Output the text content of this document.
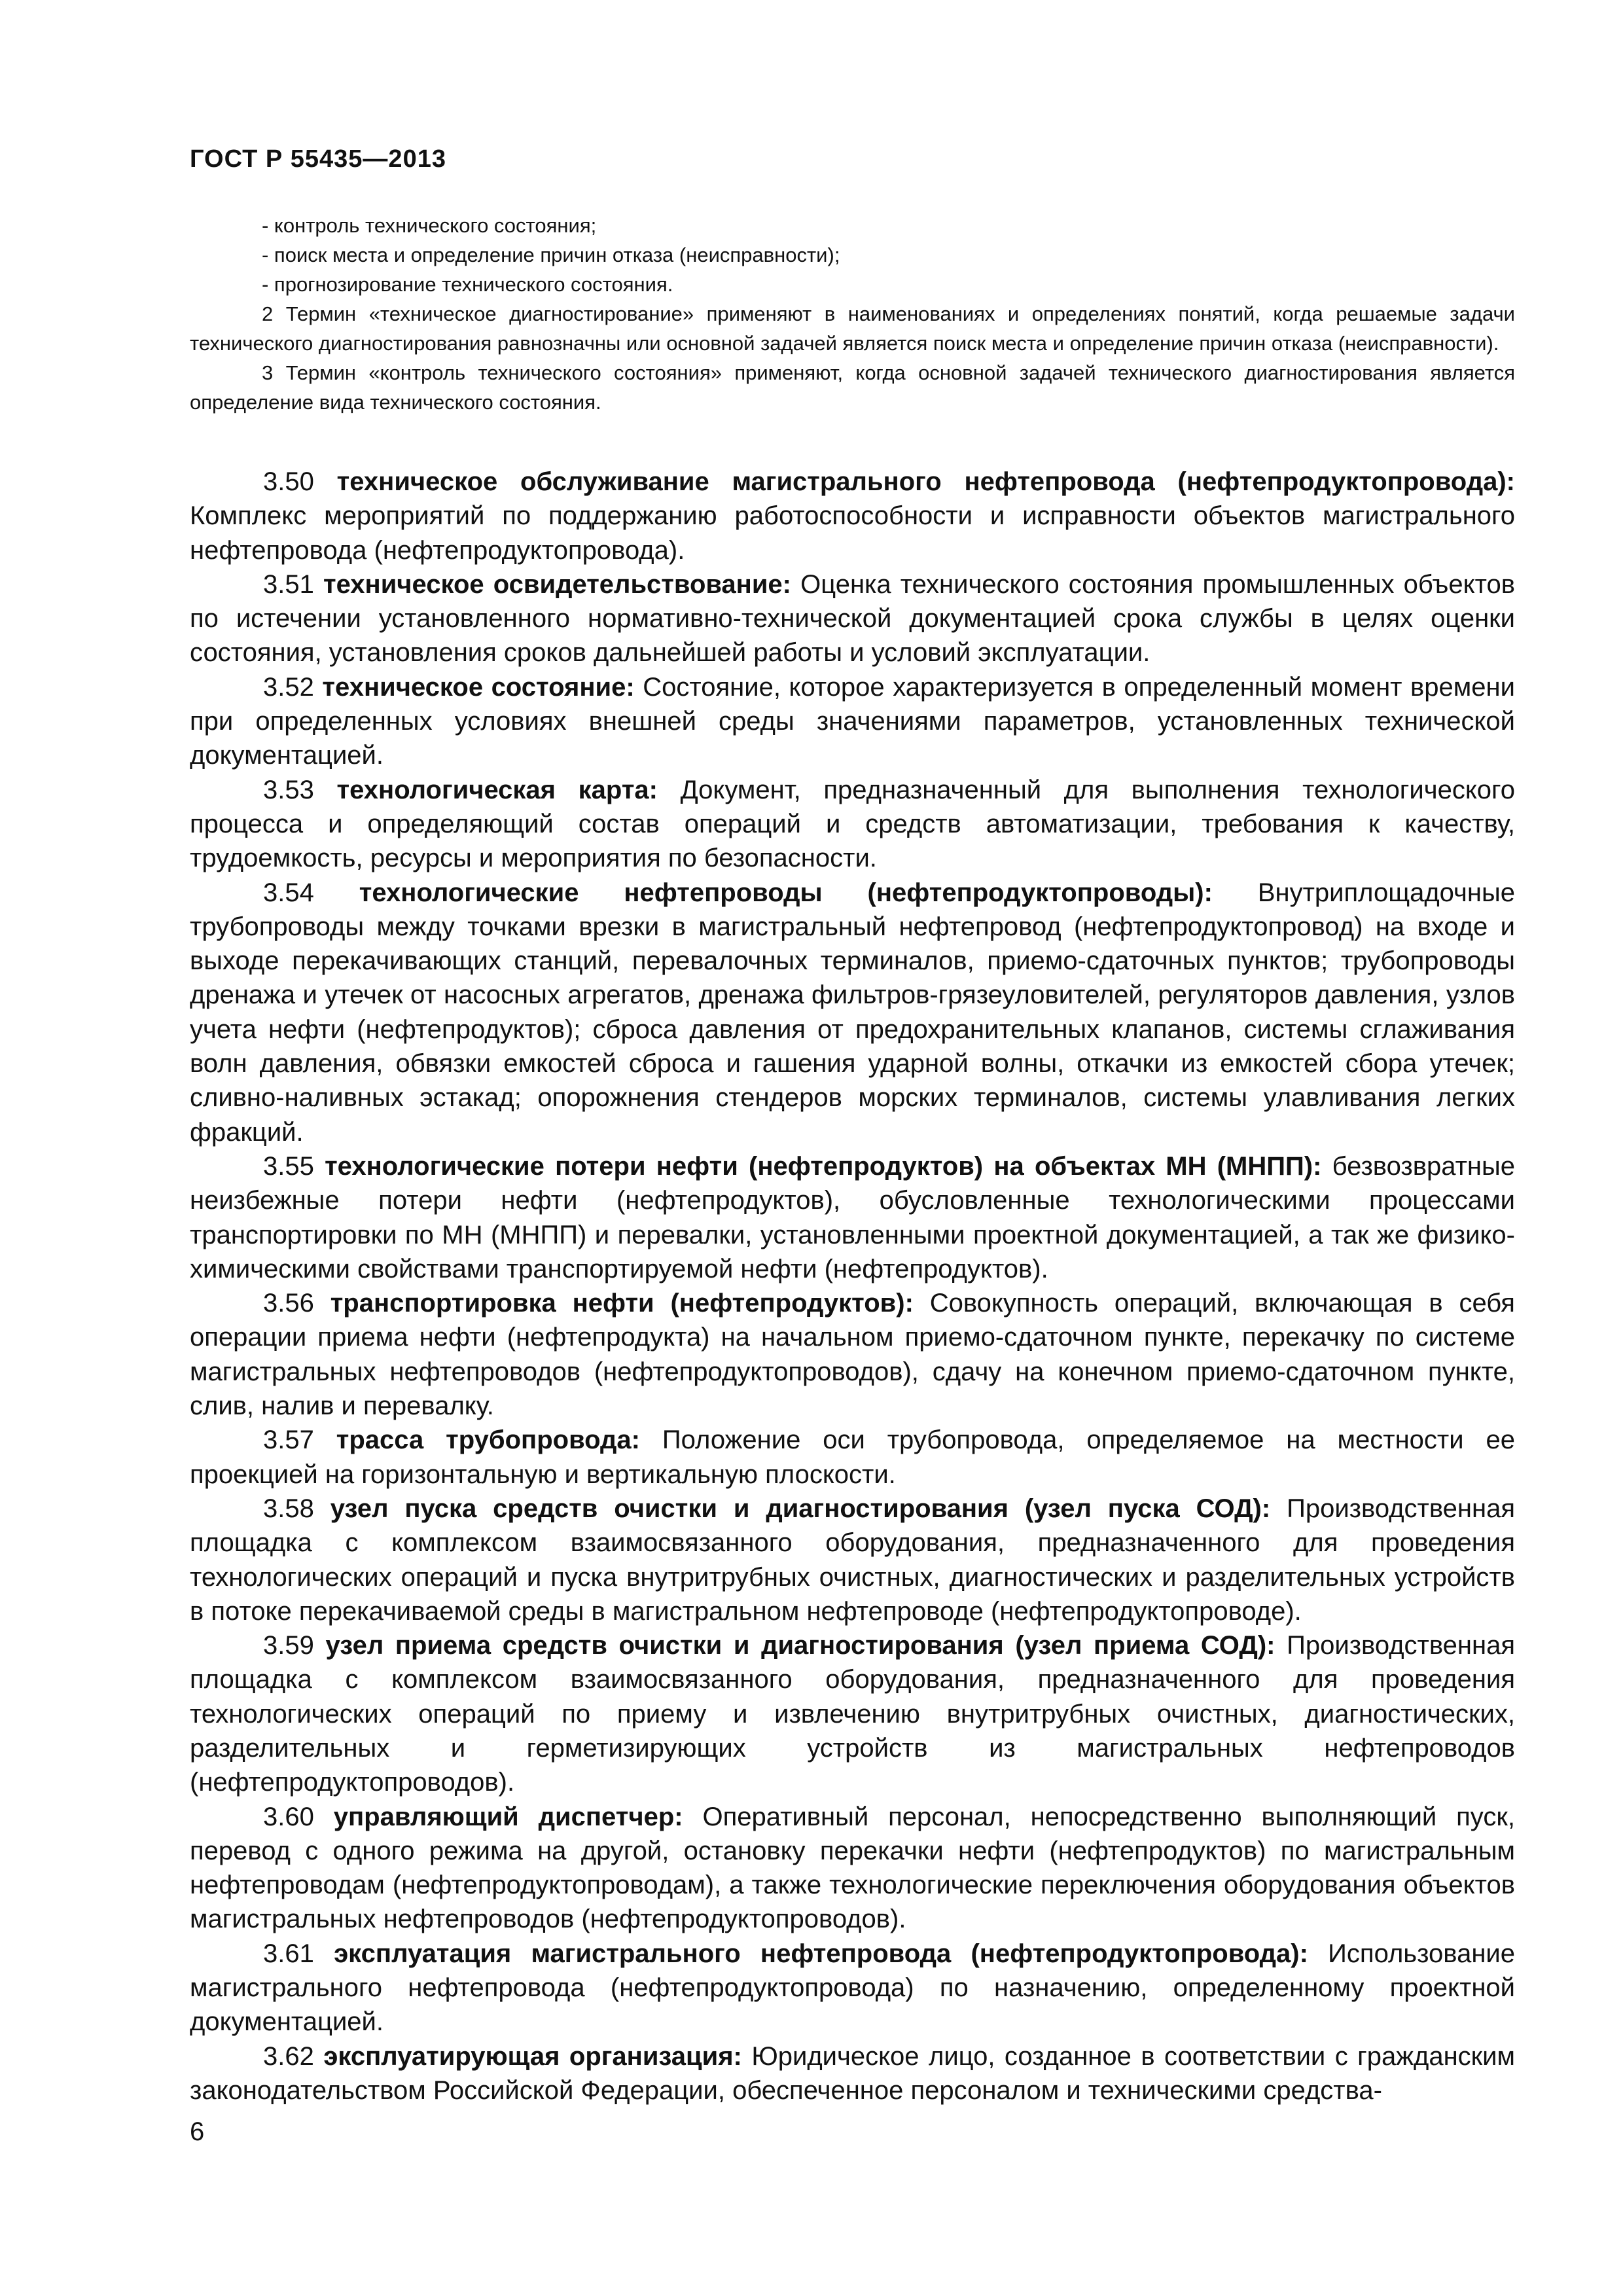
ГОСТ Р 55435—2013

- контроль технического состояния;

- поиск места и определение причин отказа (неисправности);

- прогнозирование технического состояния.

2 Термин «техническое диагностирование» применяют в наименованиях и определениях понятий, когда решаемые задачи технического диагностирования равнозначны или основной задачей является поиск места и определение причин отказа (неисправности).

3 Термин «контроль технического состояния» применяют, когда основной задачей технического диагностирования является определение вида технического состояния.

3.50 техническое обслуживание магистрального нефтепровода (нефтепродуктопровода): Комплекс мероприятий по поддержанию работоспособности и исправности объектов магистрального нефтепровода (нефтепродуктопровода).

3.51 техническое освидетельствование: Оценка технического состояния промышленных объектов по истечении установленного нормативно-технической документацией срока службы в целях оценки состояния, установления сроков дальнейшей работы и условий эксплуатации.

3.52 техническое состояние: Состояние, которое характеризуется в определенный момент времени при определенных условиях внешней среды значениями параметров, установленных технической документацией.

3.53 технологическая карта: Документ, предназначенный для выполнения технологического процесса и определяющий состав операций и средств автоматизации, требования к качеству, трудоемкость, ресурсы и мероприятия по безопасности.

3.54 технологические нефтепроводы (нефтепродуктопроводы): Внутриплощадочные трубопроводы между точками врезки в магистральный нефтепровод (нефтепродуктопровод) на входе и выходе перекачивающих станций, перевалочных терминалов, приемо-сдаточных пунктов; трубопроводы дренажа и утечек от насосных агрегатов, дренажа фильтров-грязеуловителей, регуляторов давления, узлов учета нефти (нефтепродуктов); сброса давления от предохранительных клапанов, системы сглаживания волн давления, обвязки емкостей сброса и гашения ударной волны, откачки из емкостей сбора утечек; сливно-наливных эстакад; опорожнения стендеров морских терминалов, системы улавливания легких фракций.

3.55 технологические потери нефти (нефтепродуктов) на объектах МН (МНПП): безвозвратные неизбежные потери нефти (нефтепродуктов), обусловленные технологическими процессами транспортировки по МН (МНПП) и перевалки, установленными проектной документацией, а так же физико-химическими свойствами транспортируемой нефти (нефтепродуктов).

3.56 транспортировка нефти (нефтепродуктов): Совокупность операций, включающая в себя операции приема нефти (нефтепродукта) на начальном приемо-сдаточном пункте, перекачку по системе магистральных нефтепроводов (нефтепродуктопроводов), сдачу на конечном приемо-сдаточном пункте, слив, налив и перевалку.

3.57 трасса трубопровода: Положение оси трубопровода, определяемое на местности ее проекцией на горизонтальную и вертикальную плоскости.

3.58 узел пуска средств очистки и диагностирования (узел пуска СОД): Производственная площадка с комплексом взаимосвязанного оборудования, предназначенного для проведения технологических операций и пуска внутритрубных очистных, диагностических и разделительных устройств в потоке перекачиваемой среды в магистральном нефтепроводе (нефтепродуктопроводе).

3.59 узел приема средств очистки и диагностирования (узел приема СОД): Производственная площадка с комплексом взаимосвязанного оборудования, предназначенного для проведения технологических операций по приему и извлечению внутритрубных очистных, диагностических, разделительных и герметизирующих устройств из магистральных нефтепроводов (нефтепродуктопроводов).

3.60 управляющий диспетчер: Оперативный персонал, непосредственно выполняющий пуск, перевод с одного режима на другой, остановку перекачки нефти (нефтепродуктов) по магистральным нефтепроводам (нефтепродуктопроводам), а также технологические переключения оборудования объектов магистральных нефтепроводов (нефтепродуктопроводов).

3.61 эксплуатация магистрального нефтепровода (нефтепродуктопровода): Использование магистрального нефтепровода (нефтепродуктопровода) по назначению, определенному проектной документацией.

3.62 эксплуатирующая организация: Юридическое лицо, созданное в соответствии с гражданским законодательством Российской Федерации, обеспеченное персоналом и техническими средства-

6
